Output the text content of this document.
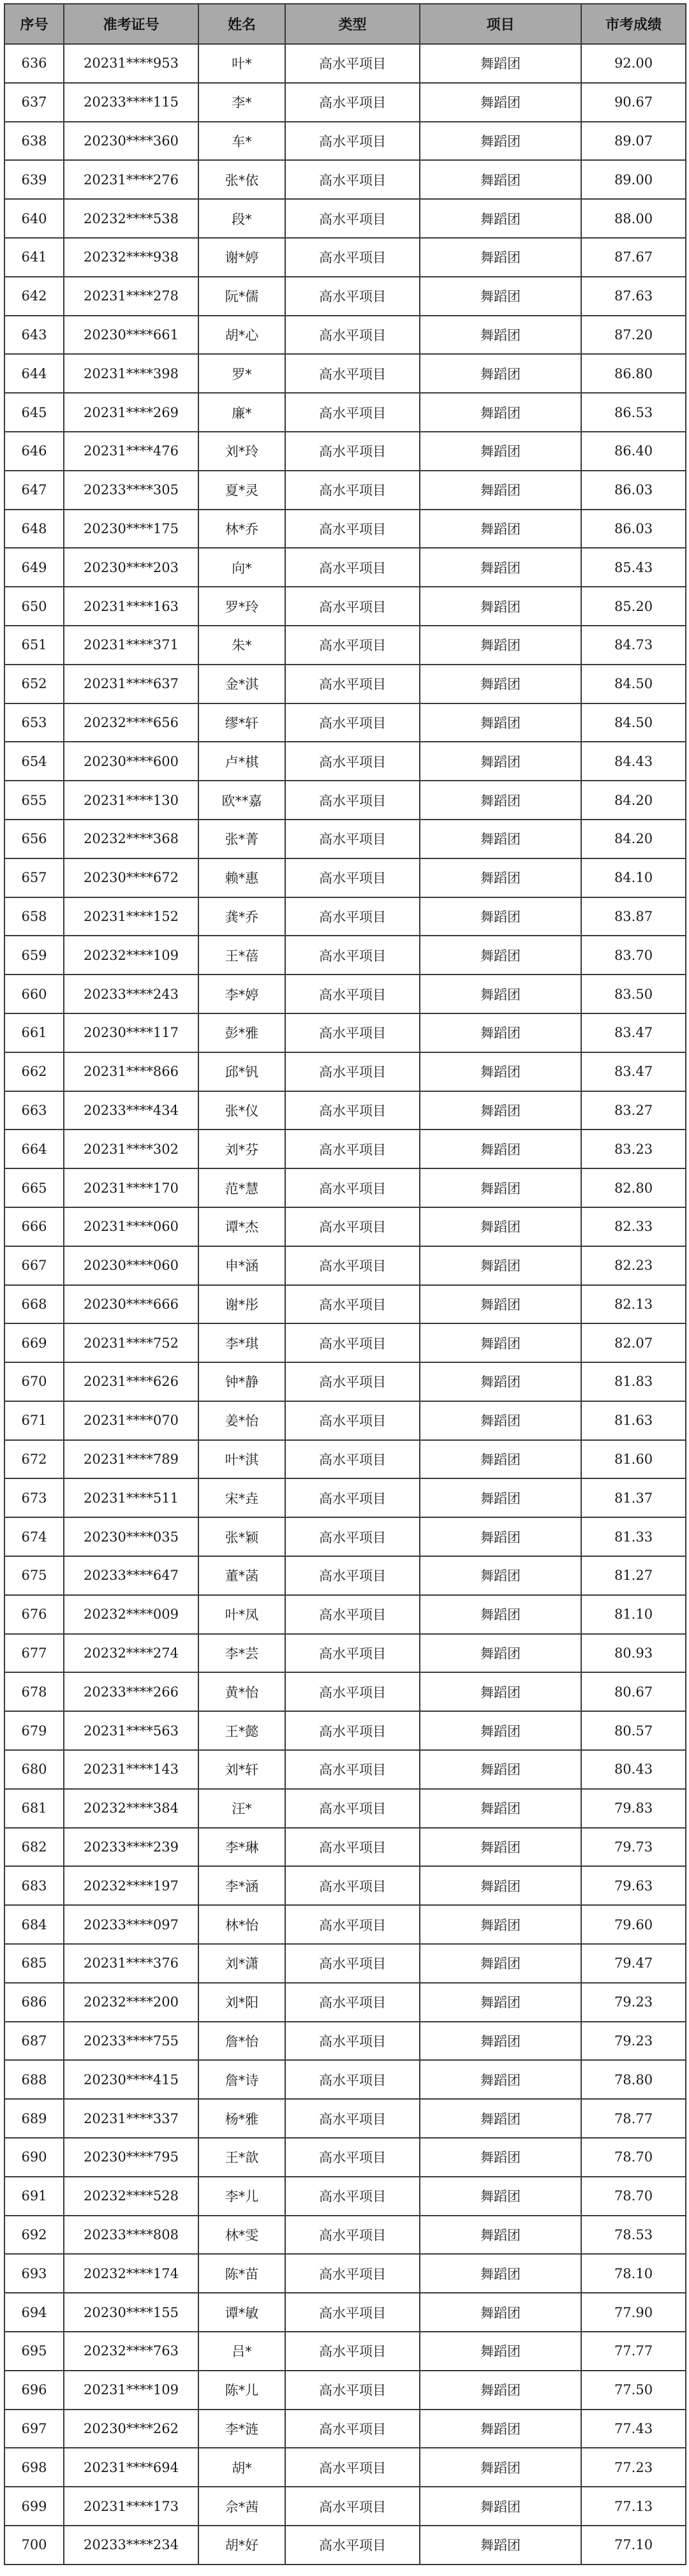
序号	准考证号	姓名	类型	项目	市考成绩
636	20231****953	叶*	高水平项目	舞蹈团	92.00
637	20233****115	李*	高水平项目	舞蹈团	90.67
638	20230****360	车*	高水平项目	舞蹈团	89.07
639	20231****276	张*依	高水平项目	舞蹈团	89.00
640	20232****538	段*	高水平项目	舞蹈团	88.00
641	20232****938	谢*婷	高水平项目	舞蹈团	87.67
642	20231****278	阮*儒	高水平项目	舞蹈团	87.63
643	20230****661	胡*心	高水平项目	舞蹈团	87.20
644	20231****398	罗*	高水平项目	舞蹈团	86.80
645	20231****269	廉*	高水平项目	舞蹈团	86.53
646	20231****476	刘*玲	高水平项目	舞蹈团	86.40
647	20233****305	夏*灵	高水平项目	舞蹈团	86.03
648	20230****175	林*乔	高水平项目	舞蹈团	86.03
649	20230****203	向*	高水平项目	舞蹈团	85.43
650	20231****163	罗*玲	高水平项目	舞蹈团	85.20
651	20231****371	朱*	高水平项目	舞蹈团	84.73
652	20231****637	金*淇	高水平项目	舞蹈团	84.50
653	20232****656	缪*轩	高水平项目	舞蹈团	84.50
654	20230****600	卢*棋	高水平项目	舞蹈团	84.43
655	20231****130	欧**嘉	高水平项目	舞蹈团	84.20
656	20232****368	张*菁	高水平项目	舞蹈团	84.20
657	20230****672	赖*惠	高水平项目	舞蹈团	84.10
658	20231****152	龚*乔	高水平项目	舞蹈团	83.87
659	20232****109	王*蓓	高水平项目	舞蹈团	83.70
660	20233****243	李*婷	高水平项目	舞蹈团	83.50
661	20230****117	彭*雅	高水平项目	舞蹈团	83.47
662	20231****866	邱*钒	高水平项目	舞蹈团	83.47
663	20233****434	张*仪	高水平项目	舞蹈团	83.27
664	20231****302	刘*芬	高水平项目	舞蹈团	83.23
665	20231****170	范*慧	高水平项目	舞蹈团	82.80
666	20231****060	谭*杰	高水平项目	舞蹈团	82.33
667	20230****060	申*涵	高水平项目	舞蹈团	82.23
668	20230****666	谢*彤	高水平项目	舞蹈团	82.13
669	20231****752	李*琪	高水平项目	舞蹈团	82.07
670	20231****626	钟*静	高水平项目	舞蹈团	81.83
671	20231****070	姜*怡	高水平项目	舞蹈团	81.63
672	20231****789	叶*淇	高水平项目	舞蹈团	81.60
673	20231****511	宋*垚	高水平项目	舞蹈团	81.37
674	20230****035	张*颖	高水平项目	舞蹈团	81.33
675	20233****647	董*菡	高水平项目	舞蹈团	81.27
676	20232****009	叶*凤	高水平项目	舞蹈团	81.10
677	20232****274	李*芸	高水平项目	舞蹈团	80.93
678	20233****266	黄*怡	高水平项目	舞蹈团	80.67
679	20231****563	王*懿	高水平项目	舞蹈团	80.57
680	20231****143	刘*轩	高水平项目	舞蹈团	80.43
681	20232****384	汪*	高水平项目	舞蹈团	79.83
682	20233****239	李*琳	高水平项目	舞蹈团	79.73
683	20232****197	李*涵	高水平项目	舞蹈团	79.63
684	20233****097	林*怡	高水平项目	舞蹈团	79.60
685	20231****376	刘*潇	高水平项目	舞蹈团	79.47
686	20232****200	刘*阳	高水平项目	舞蹈团	79.23
687	20233****755	詹*怡	高水平项目	舞蹈团	79.23
688	20230****415	詹*诗	高水平项目	舞蹈团	78.80
689	20231****337	杨*雅	高水平项目	舞蹈团	78.77
690	20230****795	王*歆	高水平项目	舞蹈团	78.70
691	20232****528	李*儿	高水平项目	舞蹈团	78.70
692	20233****808	林*雯	高水平项目	舞蹈团	78.53
693	20232****174	陈*苗	高水平项目	舞蹈团	78.10
694	20230****155	谭*敏	高水平项目	舞蹈团	77.90
695	20232****763	吕*	高水平项目	舞蹈团	77.77
696	20231****109	陈*儿	高水平项目	舞蹈团	77.50
697	20230****262	李*涟	高水平项目	舞蹈团	77.43
698	20231****694	胡*	高水平项目	舞蹈团	77.23
699	20231****173	佘*茜	高水平项目	舞蹈团	77.13
700	20233****234	胡*好	高水平项目	舞蹈团	77.10
